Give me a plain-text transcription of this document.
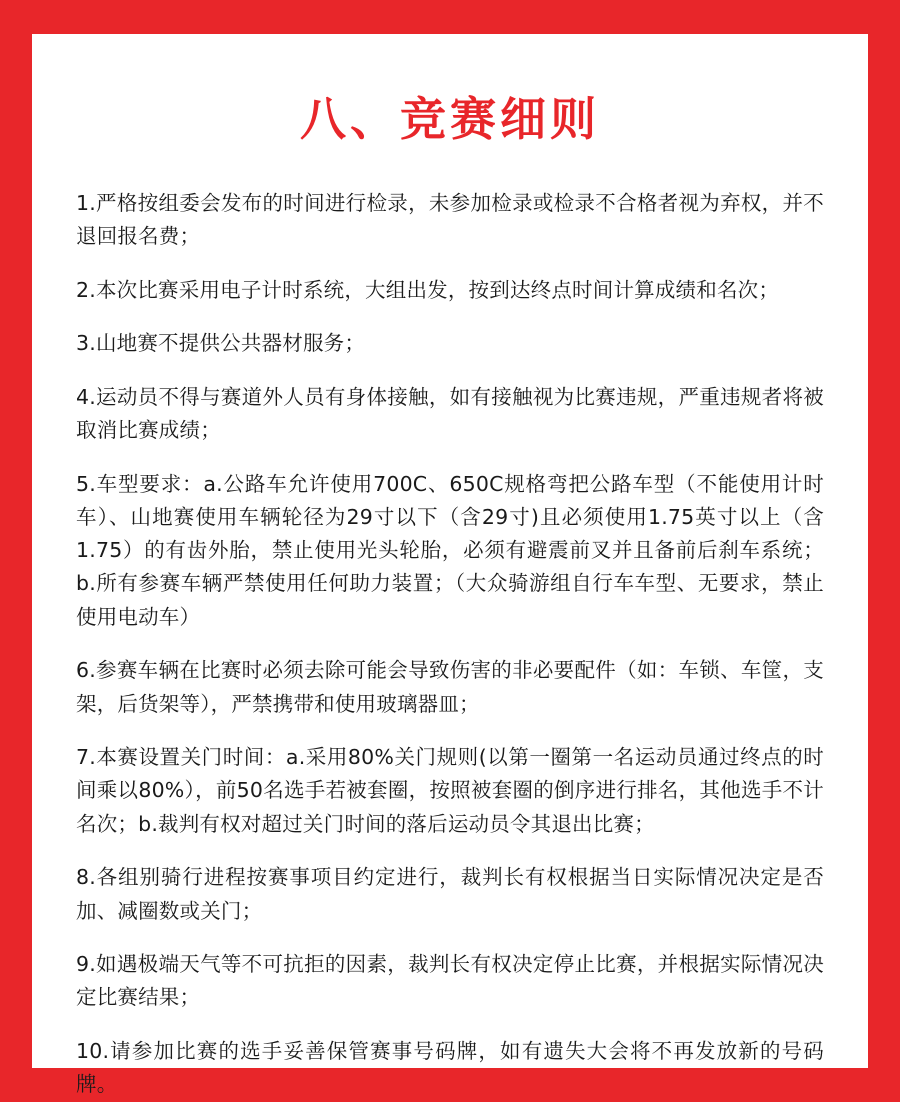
八、竞赛细则

1.严格按组委会发布的时间进行检录，未参加检录或检录不合格者视为弃权，并不退回报名费；

2.本次比赛采用电子计时系统，大组出发，按到达终点时间计算成绩和名次；

3.山地赛不提供公共器材服务；

4.运动员不得与赛道外人员有身体接触，如有接触视为比赛违规，严重违规者将被取消比赛成绩；

5.车型要求：a.公路车允许使用700C、650C规格弯把公路车型（不能使用计时车）、山地赛使用车辆轮径为29寸以下（含29寸)且必须使用1.75英寸以上（含1.75）的有齿外胎，禁止使用光头轮胎，必须有避震前叉并且备前后刹车系统；b.所有参赛车辆严禁使用任何助力装置；（大众骑游组自行车车型、无要求，禁止使用电动车）

6.参赛车辆在比赛时必须去除可能会导致伤害的非必要配件（如：车锁、车筐，支架，后货架等），严禁携带和使用玻璃器皿；

7.本赛设置关门时间：a.采用80%关门规则(以第一圈第一名运动员通过终点的时间乘以80%），前50名选手若被套圈，按照被套圈的倒序进行排名，其他选手不计名次；b.裁判有权对超过关门时间的落后运动员令其退出比赛；

8.各组别骑行进程按赛事项目约定进行，裁判长有权根据当日实际情况决定是否加、减圈数或关门；

9.如遇极端天气等不可抗拒的因素，裁判长有权决定停止比赛，并根据实际情况决定比赛结果；

10.请参加比赛的选手妥善保管赛事号码牌，如有遗失大会将不再发放新的号码牌。
